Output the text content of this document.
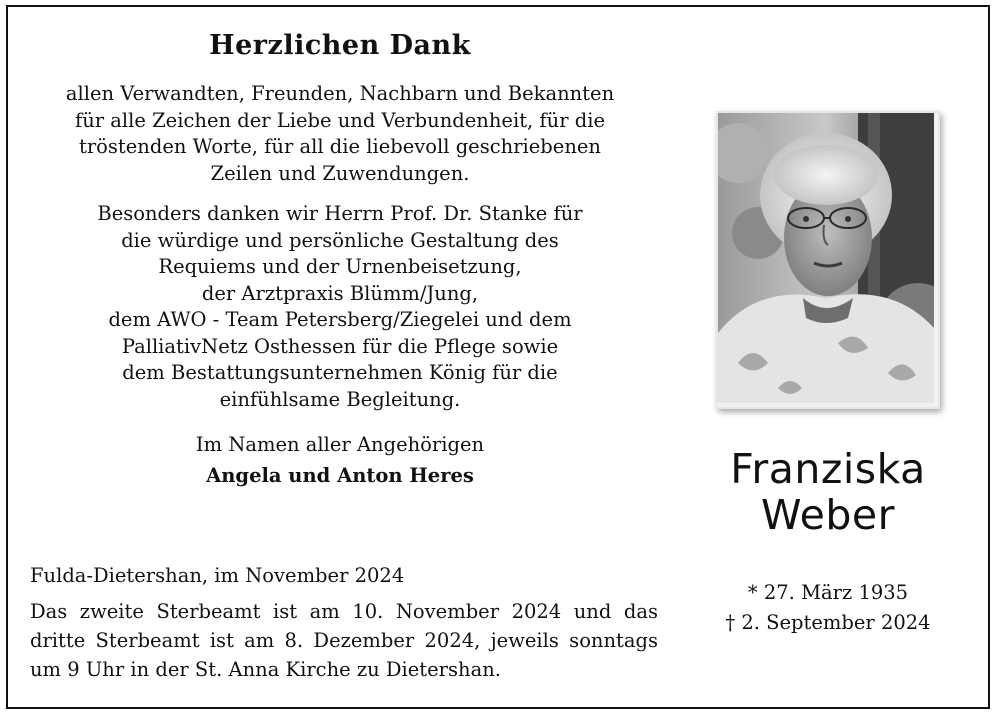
Herzlichen Dank

allen Verwandten, Freunden, Nachbarn und Bekannten
für alle Zeichen der Liebe und Verbundenheit, für die
tröstenden Worte, für all die liebevoll geschriebenen
Zeilen und Zuwendungen.

Besonders danken wir Herrn Prof. Dr. Stanke für
die würdige und persönliche Gestaltung des
Requiems und der Urnenbeisetzung,
der Arztpraxis Blümm/Jung,
dem AWO - Team Petersberg/Ziegelei und dem
PalliativNetz Osthessen für die Pflege sowie
dem Bestattungsunternehmen König für die
einfühlsame Begleitung.

Im Namen aller Angehörigen

Angela und Anton Heres

Fulda-Dietershan, im November 2024

Das zweite Sterbeamt ist am 10. November 2024 und das dritte Sterbeamt ist am 8. Dezember 2024, jeweils sonntags um 9 Uhr in der St. Anna Kirche zu Dietershan.

Franziska
Weber
* 27. März 1935
† 2. September 2024
